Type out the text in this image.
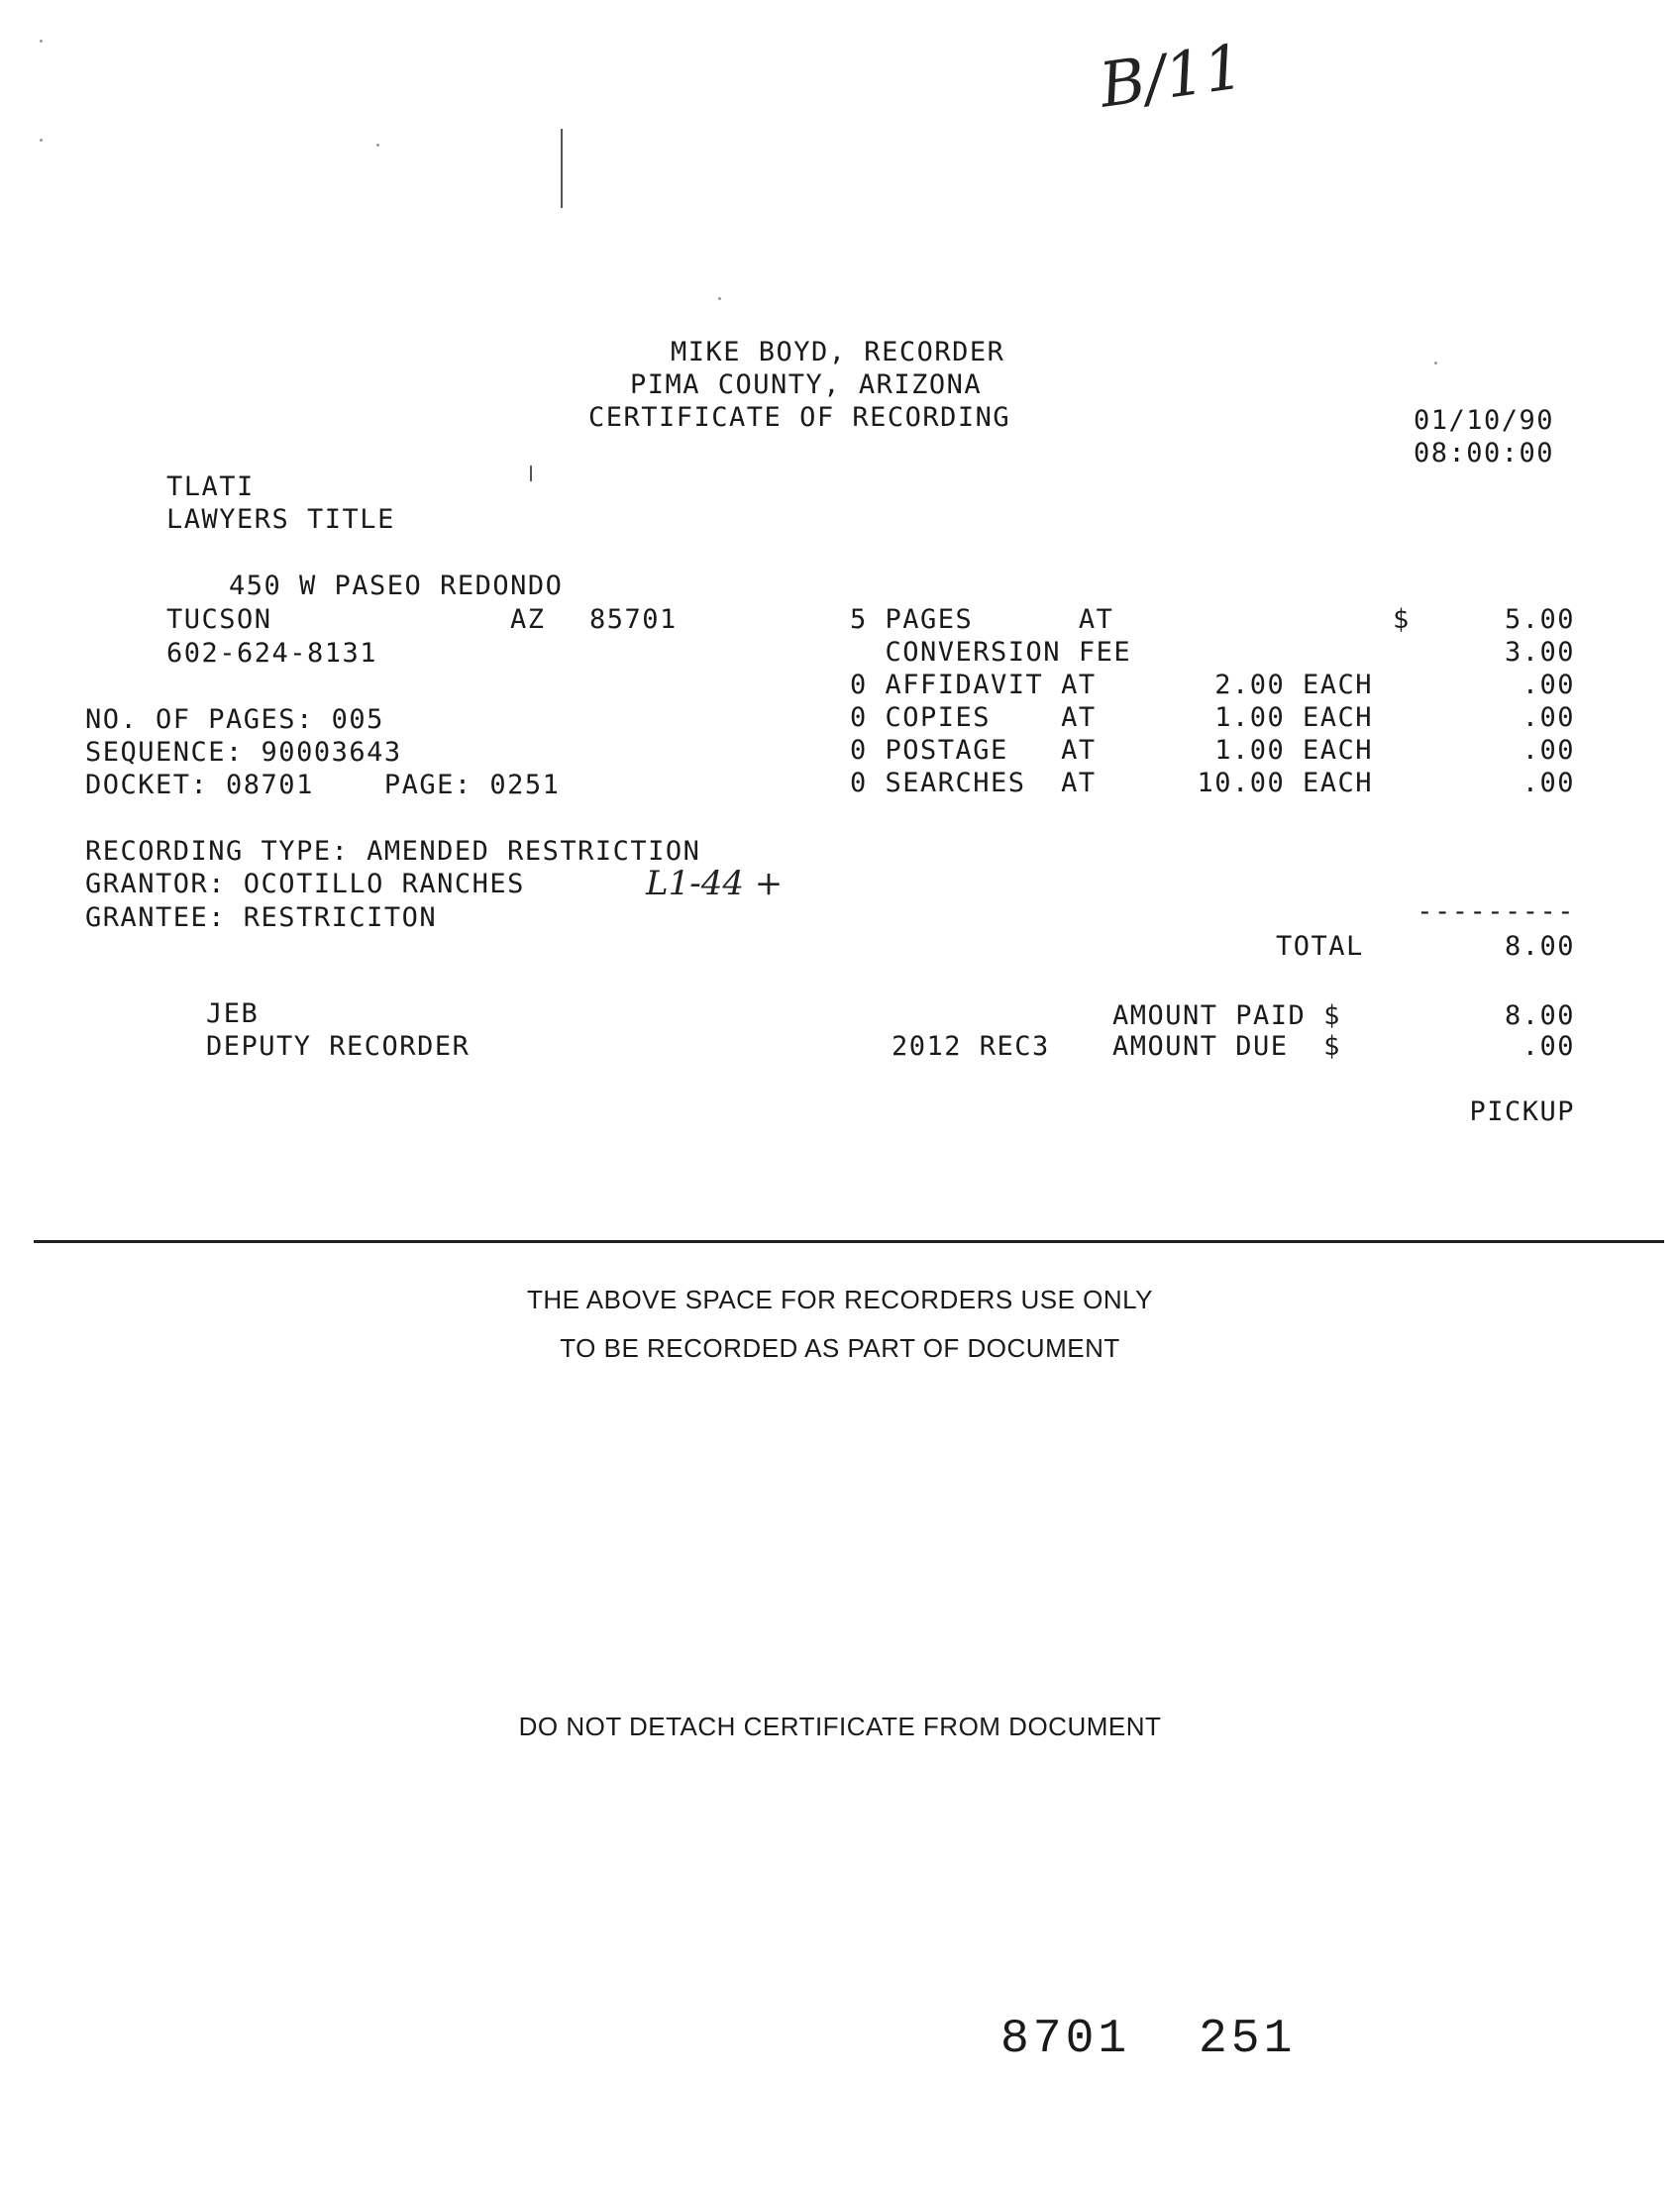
B/11
MIKE BOYD, RECORDER
PIMA COUNTY, ARIZONA
CERTIFICATE OF RECORDING	01/10/90
08:00:00
TLATI
LAWYERS TITLE
450 W PASEO REDONDO
TUCSON	AZ 85701
602-624-8131
NO. OF PAGES: 005
SEQUENCE: 90003643
DOCKET: 08701    PAGE: 0251
RECORDING TYPE: AMENDED RESTRICTION
GRANTOR: OCOTILLO RANCHES	L1-44 +
GRANTEE: RESTRICITON
5 PAGES      AT	$	5.00
CONVERSION FEE	3.00
0 AFFIDAVIT AT	2.00 EACH	.00
0 COPIES    AT	1.00 EACH	.00
0 POSTAGE   AT	1.00 EACH	.00
0 SEARCHES  AT	10.00 EACH	.00
---------
TOTAL	8.00
JEB
DEPUTY RECORDER
AMOUNT PAID $	8.00
2012 REC3 AMOUNT DUE  $	.00
PICKUP
THE ABOVE SPACE FOR RECORDERS USE ONLY
TO BE RECORDED AS PART OF DOCUMENT
DO NOT DETACH CERTIFICATE FROM DOCUMENT
8701 251
